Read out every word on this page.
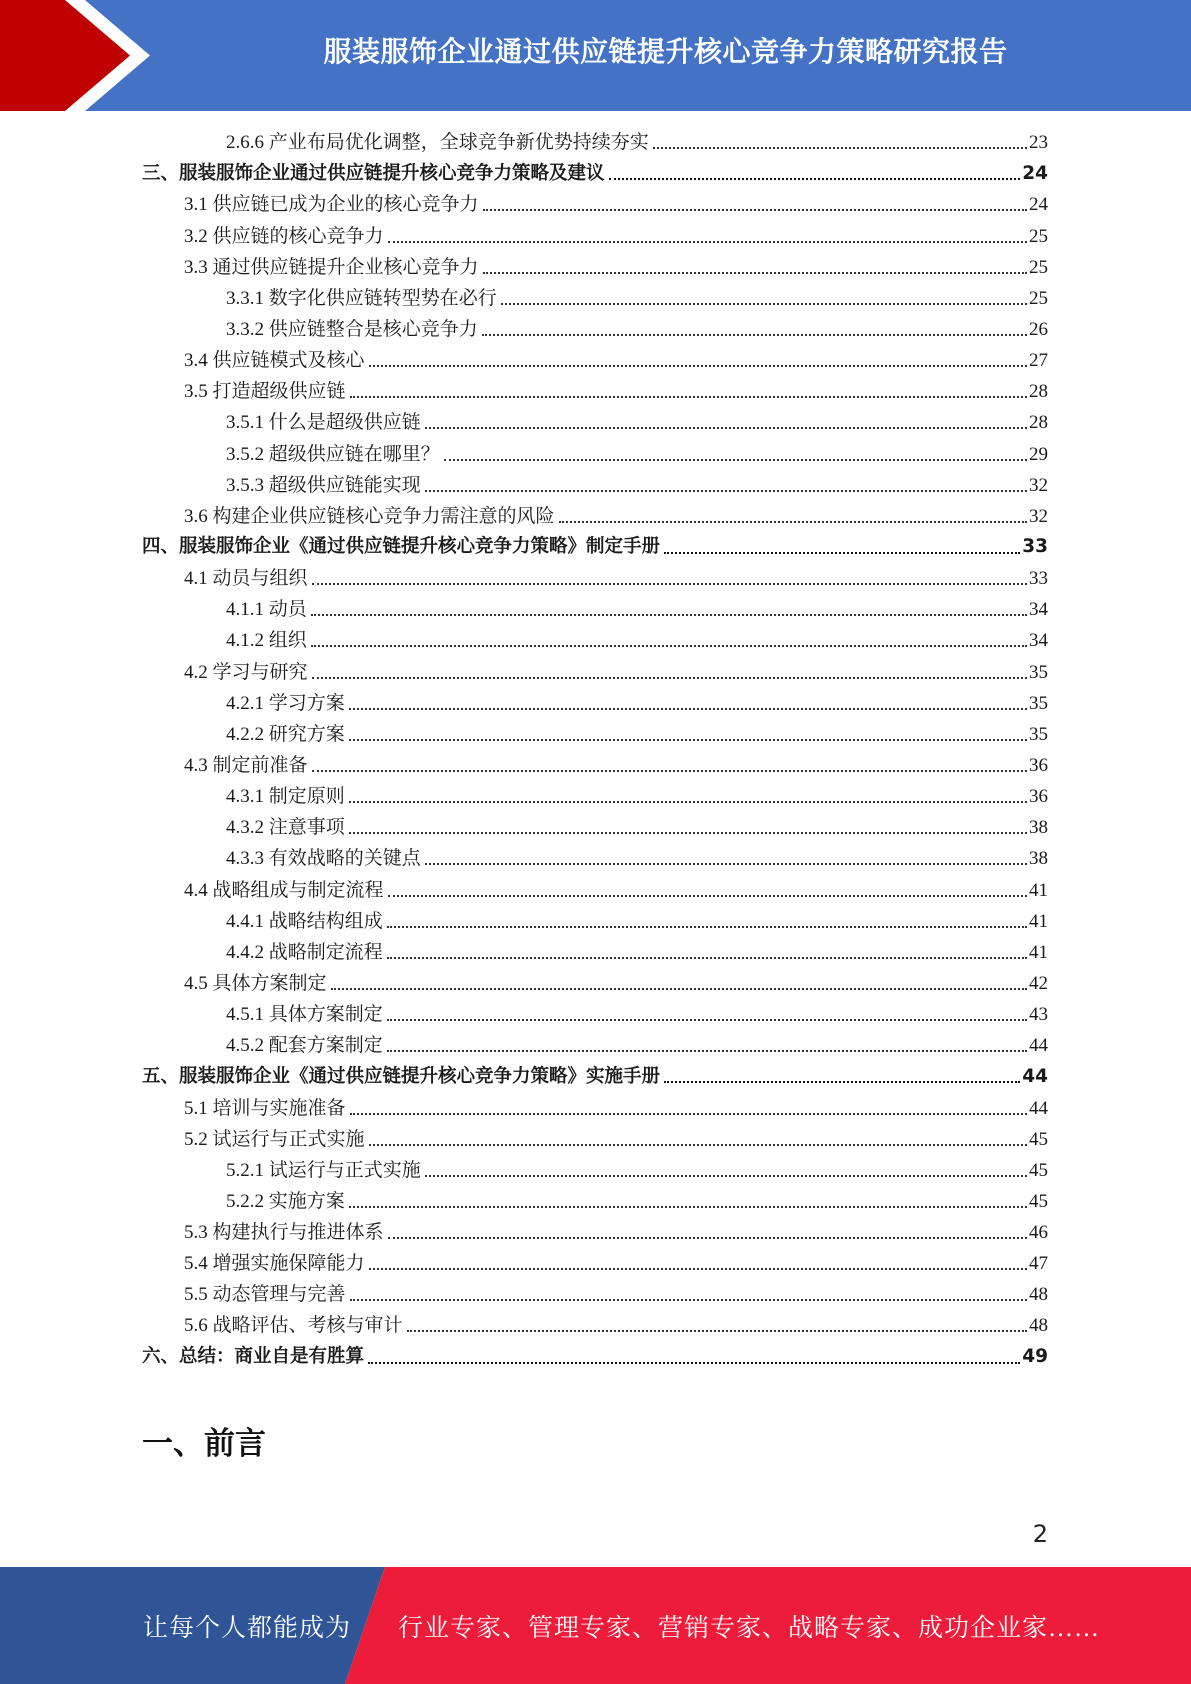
服装服饰企业通过供应链提升核心竞争力策略研究报告
2.6.6 产业布局优化调整，全球竞争新优势持续夯实	23
三、服装服饰企业通过供应链提升核心竞争力策略及建议	24
3.1 供应链已成为企业的核心竞争力	24
3.2 供应链的核心竞争力	25
3.3 通过供应链提升企业核心竞争力	25
3.3.1 数字化供应链转型势在必行	25
3.3.2 供应链整合是核心竞争力	26
3.4 供应链模式及核心	27
3.5 打造超级供应链	28
3.5.1 什么是超级供应链	28
3.5.2 超级供应链在哪里？	29
3.5.3 超级供应链能实现	32
3.6 构建企业供应链核心竞争力需注意的风险	32
四、服装服饰企业《通过供应链提升核心竞争力策略》制定手册	33
4.1 动员与组织	33
4.1.1 动员	34
4.1.2 组织	34
4.2 学习与研究	35
4.2.1 学习方案	35
4.2.2 研究方案	35
4.3 制定前准备	36
4.3.1 制定原则	36
4.3.2 注意事项	38
4.3.3 有效战略的关键点	38
4.4 战略组成与制定流程	41
4.4.1 战略结构组成	41
4.4.2 战略制定流程	41
4.5 具体方案制定	42
4.5.1 具体方案制定	43
4.5.2 配套方案制定	44
五、服装服饰企业《通过供应链提升核心竞争力策略》实施手册	44
5.1 培训与实施准备	44
5.2 试运行与正式实施	45
5.2.1 试运行与正式实施	45
5.2.2 实施方案	45
5.3 构建执行与推进体系	46
5.4 增强实施保障能力	47
5.5 动态管理与完善	48
5.6 战略评估、考核与审计	48
六、总结：商业自是有胜算	49
一、前言
2
让每个人都能成为 行业专家、管理专家、营销专家、战略专家、成功企业家……
